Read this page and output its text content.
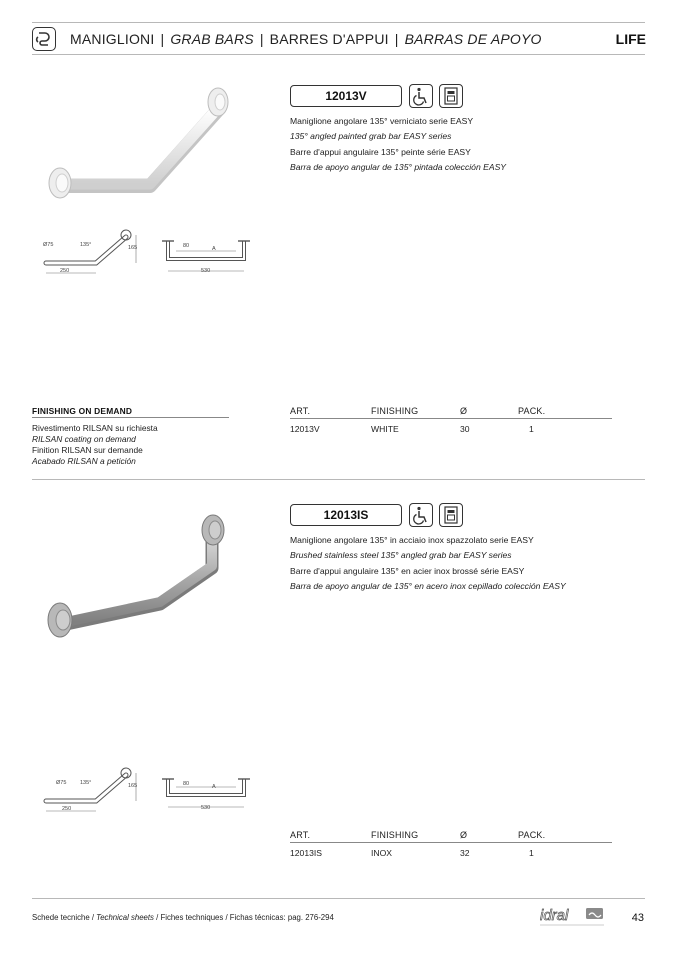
MANIGLIONI | GRAB BARS | BARRES D'APPUI | BARRAS DE APOYO	LIFE
Ø75	135°	165
250
80	A
530
12013V
Maniglione angolare 135° verniciato serie EASY
135° angled painted grab bar EASY series
Barre d'appui angulaire 135° peinte série EASY
Barra de apoyo angular de 135° pintada colección EASY
FINISHING ON DEMAND
Rivestimento RILSAN su richiesta
RILSAN coating on demand
Finition RILSAN sur demande
Acabado RILSAN a petición
ART.	FINISHING	Ø	PACK.
12013V	WHITE	30	1
Ø75 135°	165
250
80	A
530
12013IS
Maniglione angolare 135° in acciaio inox spazzolato serie EASY
Brushed stainless steel 135° angled grab bar EASY series
Barre d'appui angulaire 135° en acier inox brossé série EASY
Barra de apoyo angular de 135° en acero inox cepillado colección EASY
ART.	FINISHING	Ø	PACK.
12013IS	INOX	32	1
Schede tecniche / Technical sheets / Fiches techniques / Fichas técnicas: pag. 276-294	idral	43
